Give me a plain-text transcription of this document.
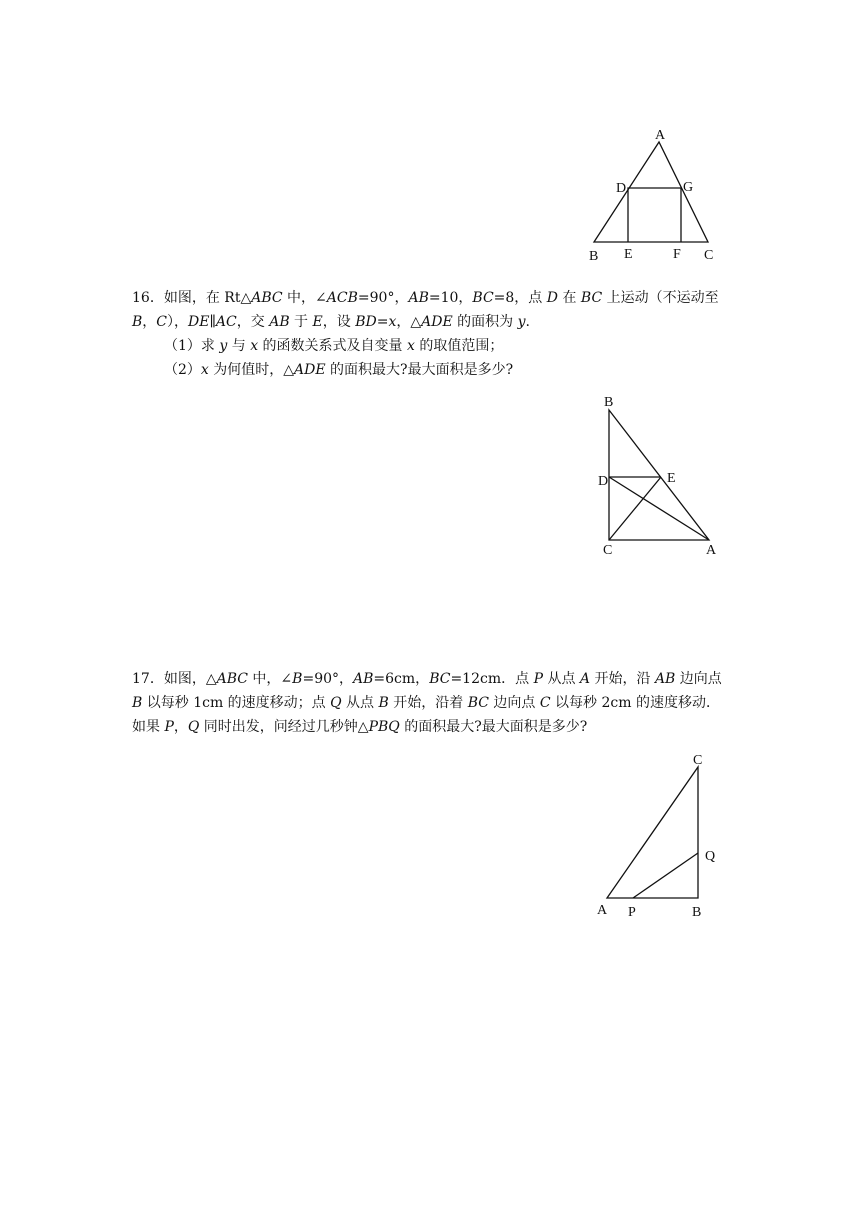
A
D	G
B E	F C

16．如图，在 Rt△ABC 中，∠ACB=90°，AB=10，BC=8，点 D 在 BC 上运动（不运动至 B，C），DE∥AC，交 AB 于 E，设 BD=x，△ADE 的面积为 y.

（1）求 y 与 x 的函数关系式及自变量 x 的取值范围；

（2）x 为何值时，△ADE 的面积最大?最大面积是多少?

B
D	E
C	A

17．如图，△ABC 中，∠B=90°，AB=6cm，BC=12cm．点 P 从点 A 开始，沿 AB 边向点 B 以每秒 1cm 的速度移动；点 Q 从点 B 开始，沿着 BC 边向点 C 以每秒 2cm 的速度移动．如果 P，Q 同时出发，问经过几秒钟△PBQ 的面积最大?最大面积是多少?

C
Q
A P	B
